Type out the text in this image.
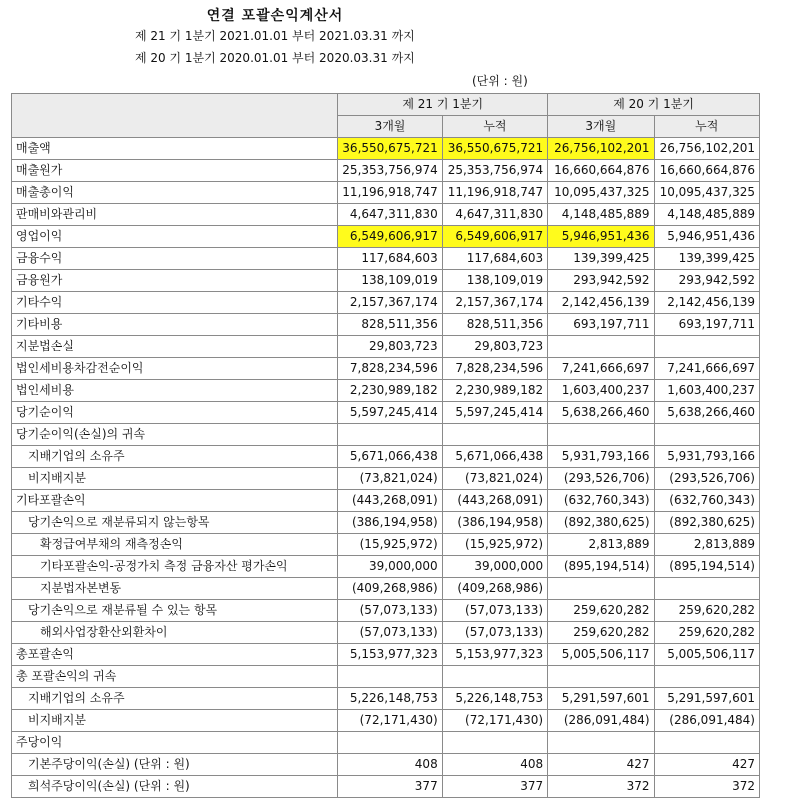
연결 포괄손익계산서
제 21 기 1분기 2021.01.01 부터 2021.03.31 까지
제 20 기 1분기 2020.01.01 부터 2020.03.31 까지
(단위 : 원)
	제 21 기 1분기		제 20 기 1분기	
	3개월	누적	3개월	누적
매출액	36,550,675,721	36,550,675,721	26,756,102,201	26,756,102,201
매출원가	25,353,756,974	25,353,756,974	16,660,664,876	16,660,664,876
매출총이익	11,196,918,747	11,196,918,747	10,095,437,325	10,095,437,325
판매비와관리비	4,647,311,830	4,647,311,830	4,148,485,889	4,148,485,889
영업이익	6,549,606,917	6,549,606,917	5,946,951,436	5,946,951,436
금융수익	117,684,603	117,684,603	139,399,425	139,399,425
금융원가	138,109,019	138,109,019	293,942,592	293,942,592
기타수익	2,157,367,174	2,157,367,174	2,142,456,139	2,142,456,139
기타비용	828,511,356	828,511,356	693,197,711	693,197,711
지분법손실	29,803,723	29,803,723		
법인세비용차감전순이익	7,828,234,596	7,828,234,596	7,241,666,697	7,241,666,697
법인세비용	2,230,989,182	2,230,989,182	1,603,400,237	1,603,400,237
당기순이익	5,597,245,414	5,597,245,414	5,638,266,460	5,638,266,460
당기순이익(손실)의 귀속				
지배기업의 소유주	5,671,066,438	5,671,066,438	5,931,793,166	5,931,793,166
비지배지분	(73,821,024)	(73,821,024)	(293,526,706)	(293,526,706)
기타포괄손익	(443,268,091)	(443,268,091)	(632,760,343)	(632,760,343)
당기손익으로 재분류되지 않는항목	(386,194,958)	(386,194,958)	(892,380,625)	(892,380,625)
확정급여부채의 재측정손익	(15,925,972)	(15,925,972)	2,813,889	2,813,889
기타포괄손익-공정가치 측정 금융자산 평가손익	39,000,000	39,000,000	(895,194,514)	(895,194,514)
지분법자본변동	(409,268,986)	(409,268,986)		
당기손익으로 재분류될 수 있는 항목	(57,073,133)	(57,073,133)	259,620,282	259,620,282
해외사업장환산외환차이	(57,073,133)	(57,073,133)	259,620,282	259,620,282
총포괄손익	5,153,977,323	5,153,977,323	5,005,506,117	5,005,506,117
총 포괄손익의 귀속				
지배기업의 소유주	5,226,148,753	5,226,148,753	5,291,597,601	5,291,597,601
비지배지분	(72,171,430)	(72,171,430)	(286,091,484)	(286,091,484)
주당이익				
기본주당이익(손실) (단위 : 원)	408	408	427	427
희석주당이익(손실) (단위 : 원)	377	377	372	372
